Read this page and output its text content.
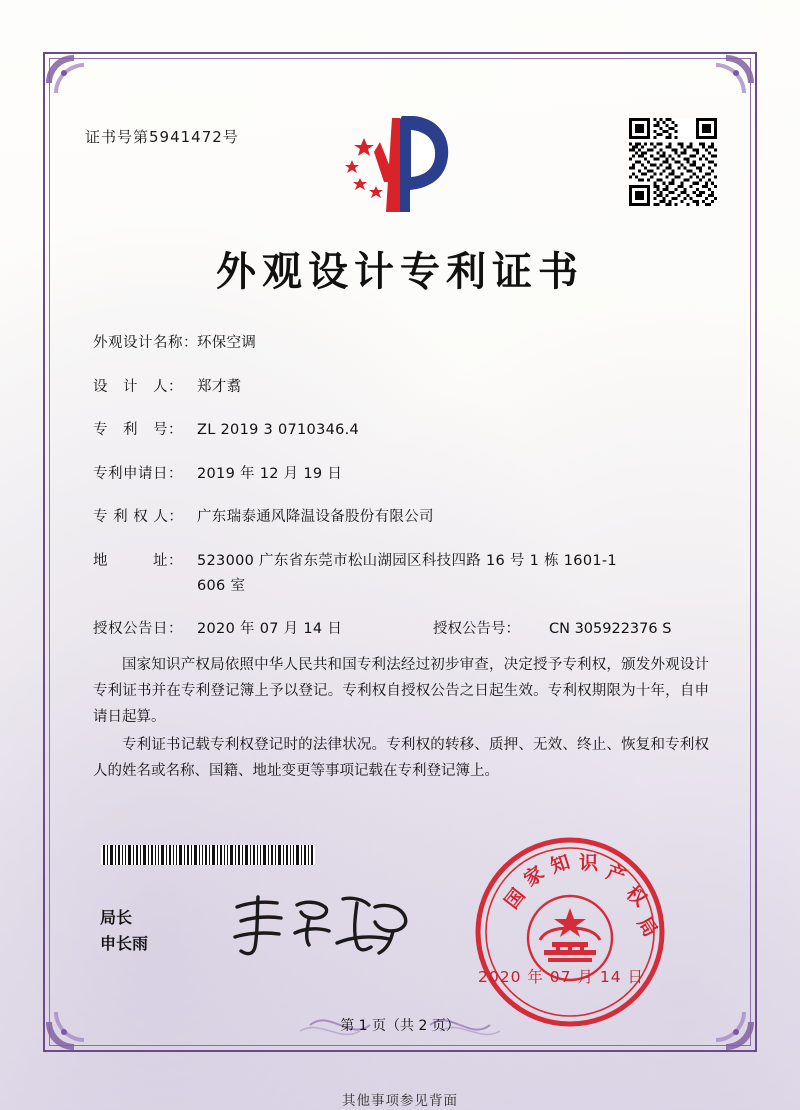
证书号第5941472号
外观设计专利证书
外观设计名称： 环保空调
设　计　人： 郑才翥
专　利　号： ZL 2019 3 0710346.4
专利申请日： 2019 年 12 月 19 日
专 利 权 人： 广东瑞泰通风降温设备股份有限公司
地　　　址： 523000 广东省东莞市松山湖园区科技四路 16 号 1 栋 1601-1
606 室
授权公告日： 2020 年 07 月 14 日	授权公告号：	CN 305922376 S

国家知识产权局依照中华人民共和国专利法经过初步审查，决定授予专利权，颁发外观设计专利证书并在专利登记簿上予以登记。专利权自授权公告之日起生效。专利权期限为十年，自申请日起算。

专利证书记载专利权登记时的法律状况。专利权的转移、质押、无效、终止、恢复和专利权人的姓名或名称、国籍、地址变更等事项记载在专利登记簿上。

局长
申长雨
国
家 知 识 产
权
局
2020 年 07 月 14 日
第 1 页（共 2 页）
其他事项参见背面
